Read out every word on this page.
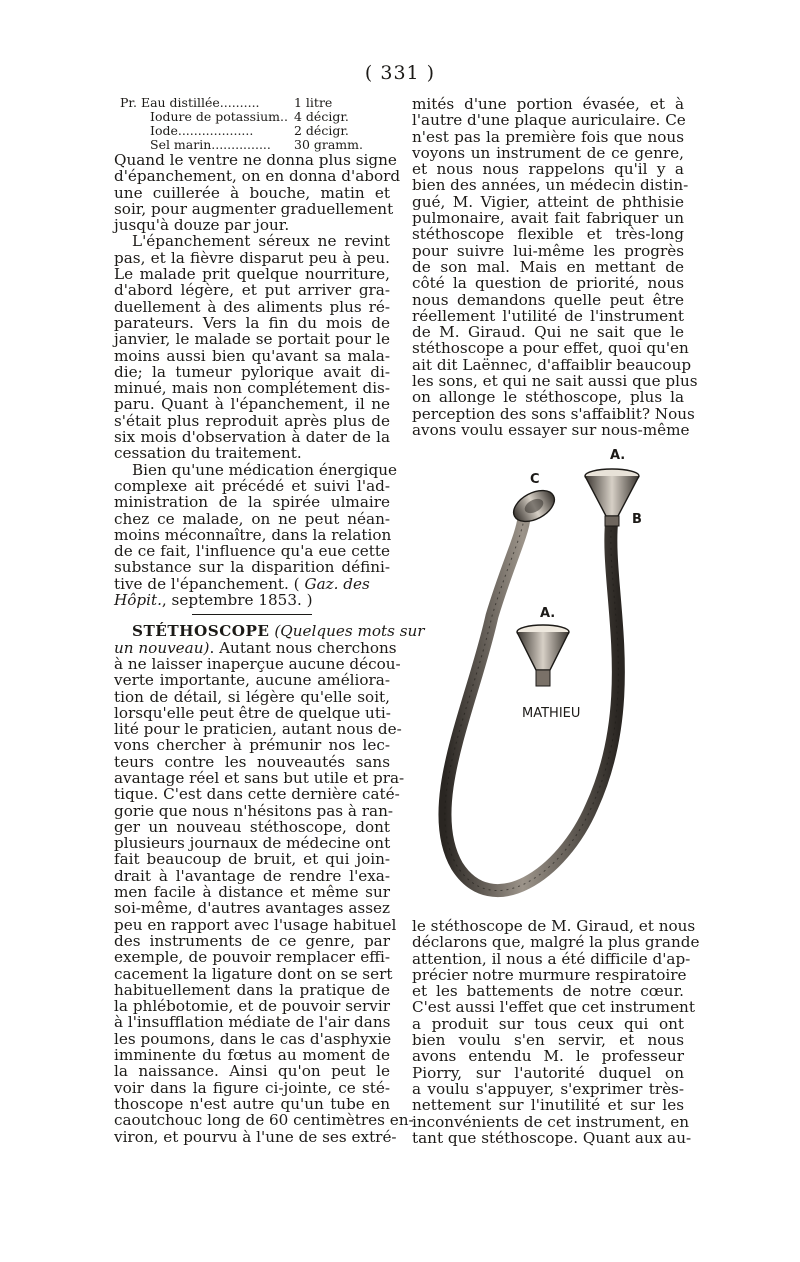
( 331 )
Pr. Eau distillée..........	1 litre
Iodure de potassium.. 4 décigr.
Iode...................	2 décigr.
Sel marin...............	30 gramm.

Quand le ventre ne donna plus signe
d'épanchement, on en donna d'abord
une cuillerée à bouche, matin et
soir, pour augmenter graduellement
jusqu'à douze par jour.

L'épanchement séreux ne revint
pas, et la fièvre disparut peu à peu.
Le malade prit quelque nourriture,
d'abord légère, et put arriver gra-
duellement à des aliments plus ré-
parateurs. Vers la fin du mois de
janvier, le malade se portait pour le
moins aussi bien qu'avant sa mala-
die; la tumeur pylorique avait di-
minué, mais non complétement dis-
paru. Quant à l'épanchement, il ne
s'était plus reproduit après plus de
six mois d'observation à dater de la
cessation du traitement.

Bien qu'une médication énergique
complexe ait précédé et suivi l'ad-
ministration de la spirée ulmaire
chez ce malade, on ne peut néan-
moins méconnaître, dans la relation
de ce fait, l'influence qu'a eue cette
substance sur la disparition défini-
tive de l'épanchement. ( Gaz. des
Hôpit., septembre 1853. )

STÉTHOSCOPE (Quelques mots sur
un nouveau). Autant nous cherchons
à ne laisser inaperçue aucune décou-
verte importante, aucune améliora-
tion de détail, si légère qu'elle soit,
lorsqu'elle peut être de quelque uti-
lité pour le praticien, autant nous de-
vons chercher à prémunir nos lec-
teurs contre les nouveautés sans
avantage réel et sans but utile et pra-
tique. C'est dans cette dernière caté-
gorie que nous n'hésitons pas à ran-
ger un nouveau stéthoscope, dont
plusieurs journaux de médecine ont
fait beaucoup de bruit, et qui join-
drait à l'avantage de rendre l'exa-
men facile à distance et même sur
soi-même, d'autres avantages assez
peu en rapport avec l'usage habituel
des instruments de ce genre, par
exemple, de pouvoir remplacer effi-
cacement la ligature dont on se sert
habituellement dans la pratique de
la phlébotomie, et de pouvoir servir
à l'insufflation médiate de l'air dans
les poumons, dans le cas d'asphyxie
imminente du fœtus au moment de
la naissance. Ainsi qu'on peut le
voir dans la figure ci-jointe, ce sté-
thoscope n'est autre qu'un tube en
caoutchouc long de 60 centimètres en-
viron, et pourvu à l'une de ses extré-

mités d'une portion évasée, et à
l'autre d'une plaque auriculaire. Ce
n'est pas la première fois que nous
voyons un instrument de ce genre,
et nous nous rappelons qu'il y a
bien des années, un médecin distin-
gué, M. Vigier, atteint de phthisie
pulmonaire, avait fait fabriquer un
stéthoscope flexible et très-long
pour suivre lui-même les progrès
de son mal. Mais en mettant de
côté la question de priorité, nous
nous demandons quelle peut être
réellement l'utilité de l'instrument
de M. Giraud. Qui ne sait que le
stéthoscope a pour effet, quoi qu'en
ait dit Laënnec, d'affaiblir beaucoup
les sons, et qui ne sait aussi que plus
on allonge le stéthoscope, plus la
perception des sons s'affaiblit? Nous
avons voulu essayer sur nous-même
A.
B
C
A.
MATHIEU
le stéthoscope de M. Giraud, et nous
déclarons que, malgré la plus grande
attention, il nous a été difficile d'ap-
précier notre murmure respiratoire
et les battements de notre cœur.
C'est aussi l'effet que cet instrument
a produit sur tous ceux qui ont
bien voulu s'en servir, et nous
avons entendu M. le professeur
Piorry, sur l'autorité duquel on
a voulu s'appuyer, s'exprimer très-
nettement sur l'inutilité et sur les
inconvénients de cet instrument, en
tant que stéthoscope. Quant aux au-
